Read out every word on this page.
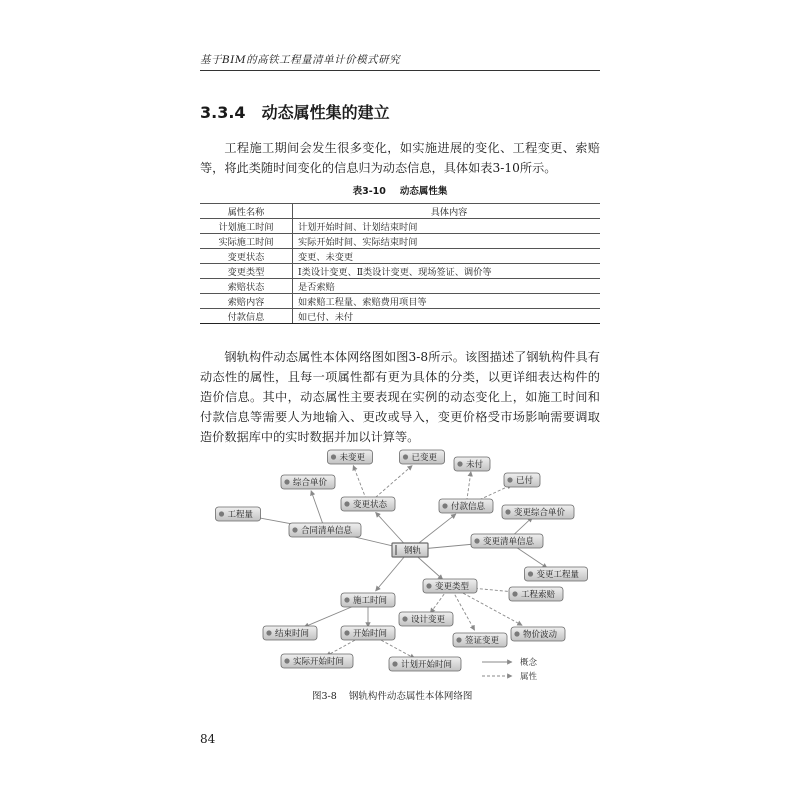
基于BIM的高铁工程量清单计价模式研究
3.3.4 动态属性集的建立

工程施工期间会发生很多变化，如实施进展的变化、工程变更、索赔等，将此类随时间变化的信息归为动态信息，具体如表3-10所示。

表3-10 动态属性集
属性名称	具体内容
计划施工时间	计划开始时间、计划结束时间
实际施工时间	实际开始时间、实际结束时间
变更状态	变更、未变更
变更类型	Ⅰ类设计变更、Ⅱ类设计变更、现场签证、调价等
索赔状态	是否索赔
索赔内容	如索赔工程量、索赔费用项目等
付款信息	如已付、未付

钢轨构件动态属性本体网络图如图3-8所示。该图描述了钢轨构件具有动态性的属性，且每一项属性都有更为具体的分类，以更详细表达构件的造价信息。其中，动态属性主要表现在实例的动态变化上，如施工时间和付款信息等需要人为地输入、更改或导入，变更价格受市场影响需要调取造价数据库中的实时数据并加以计算等。

钢轨
未变更	已变更
未付
已付
综合单价
变更状态	付款信息
变更综合单价
工程量
合同清单信息
变更清单信息
变更工程量
变更类型
工程索赔
施工时间
设计变更
物价波动
签证变更
结束时间	开始时间
实际开始时间	计划开始时间	概念
属性
图3-8 钢轨构件动态属性本体网络图
84
